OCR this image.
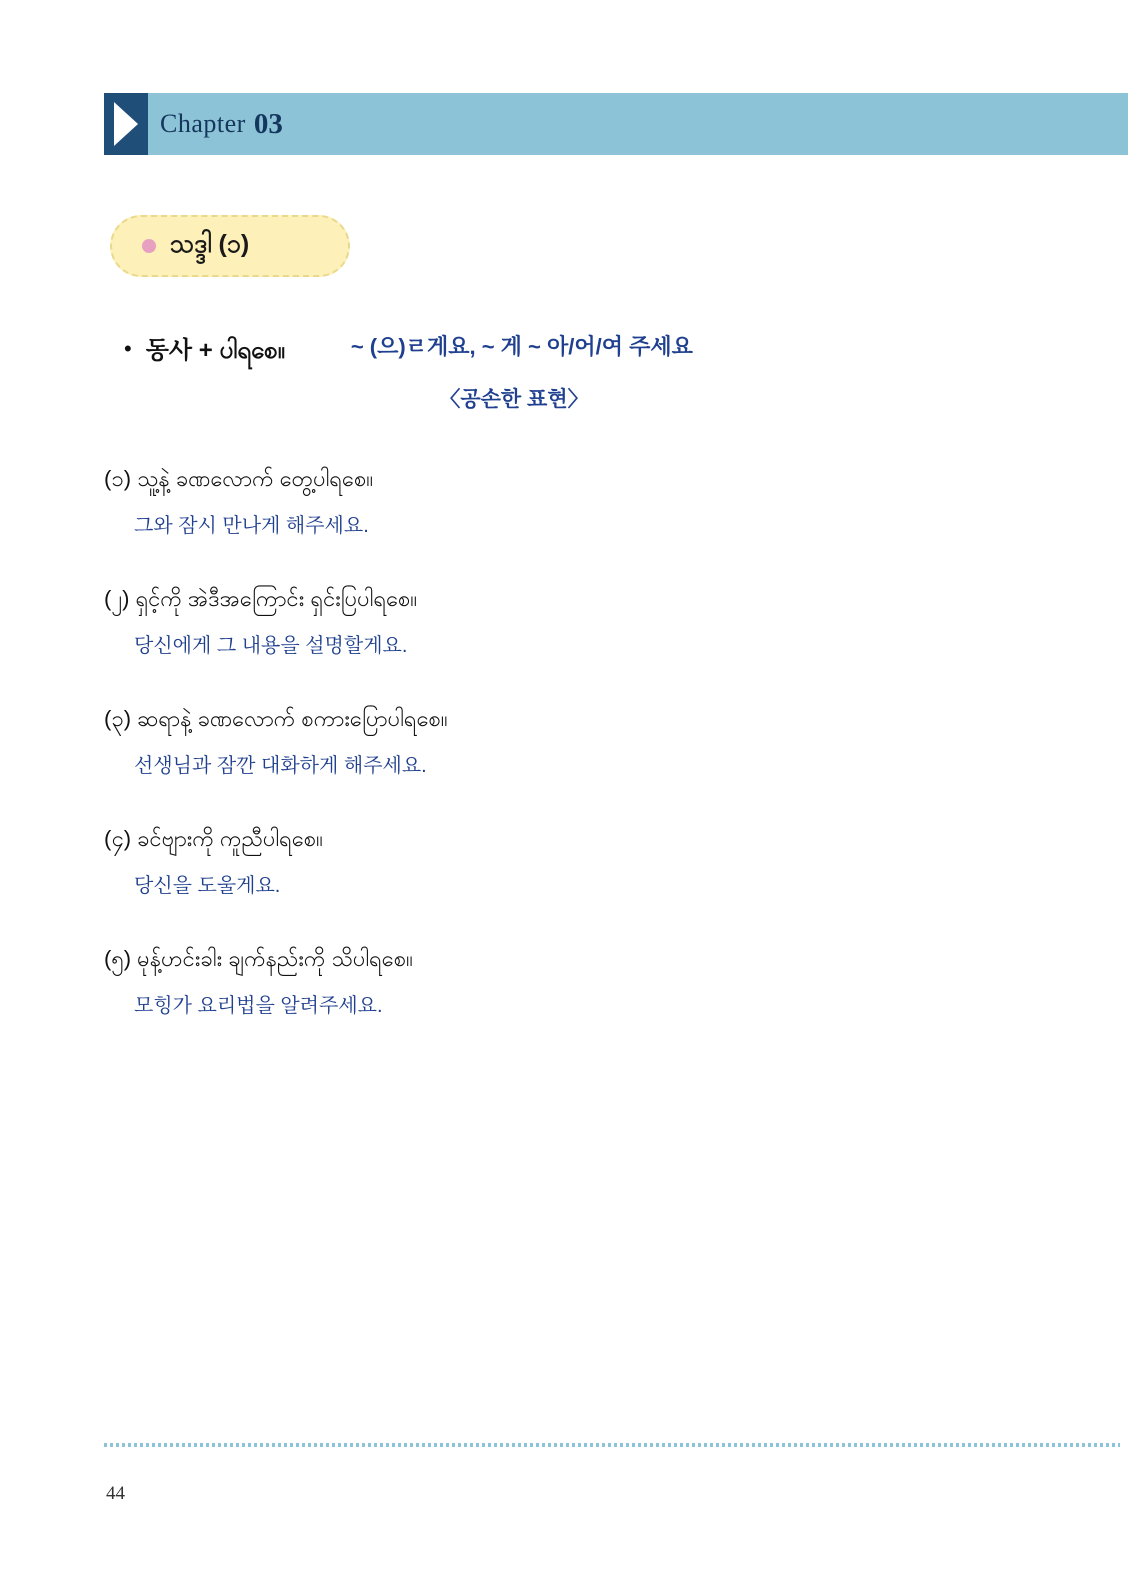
Chapter 03
သဒ္ဒါ (၁)
• 동사 + ပါရစေ။	~ (으)ㄹ게요, ~ 게 ~ 아/어/여 주세요
〈공손한 표현〉
(၁) သူ့နဲ့ ခဏလောက် တွေ့ပါရစေ။
그와 잠시 만나게 해주세요.
(၂) ရှင့်ကို အဲဒီအကြောင်း ရှင်းပြပါရစေ။
당신에게 그 내용을 설명할게요.
(၃) ဆရာနဲ့ ခဏလောက် စကားပြောပါရစေ။
선생님과 잠깐 대화하게 해주세요.
(၄) ခင်ဗျားကို ကူညီပါရစေ။
당신을 도울게요.
(၅) မုန့်ဟင်းခါး ချက်နည်းကို သိပါရစေ။
모힝가 요리법을 알려주세요.
44
